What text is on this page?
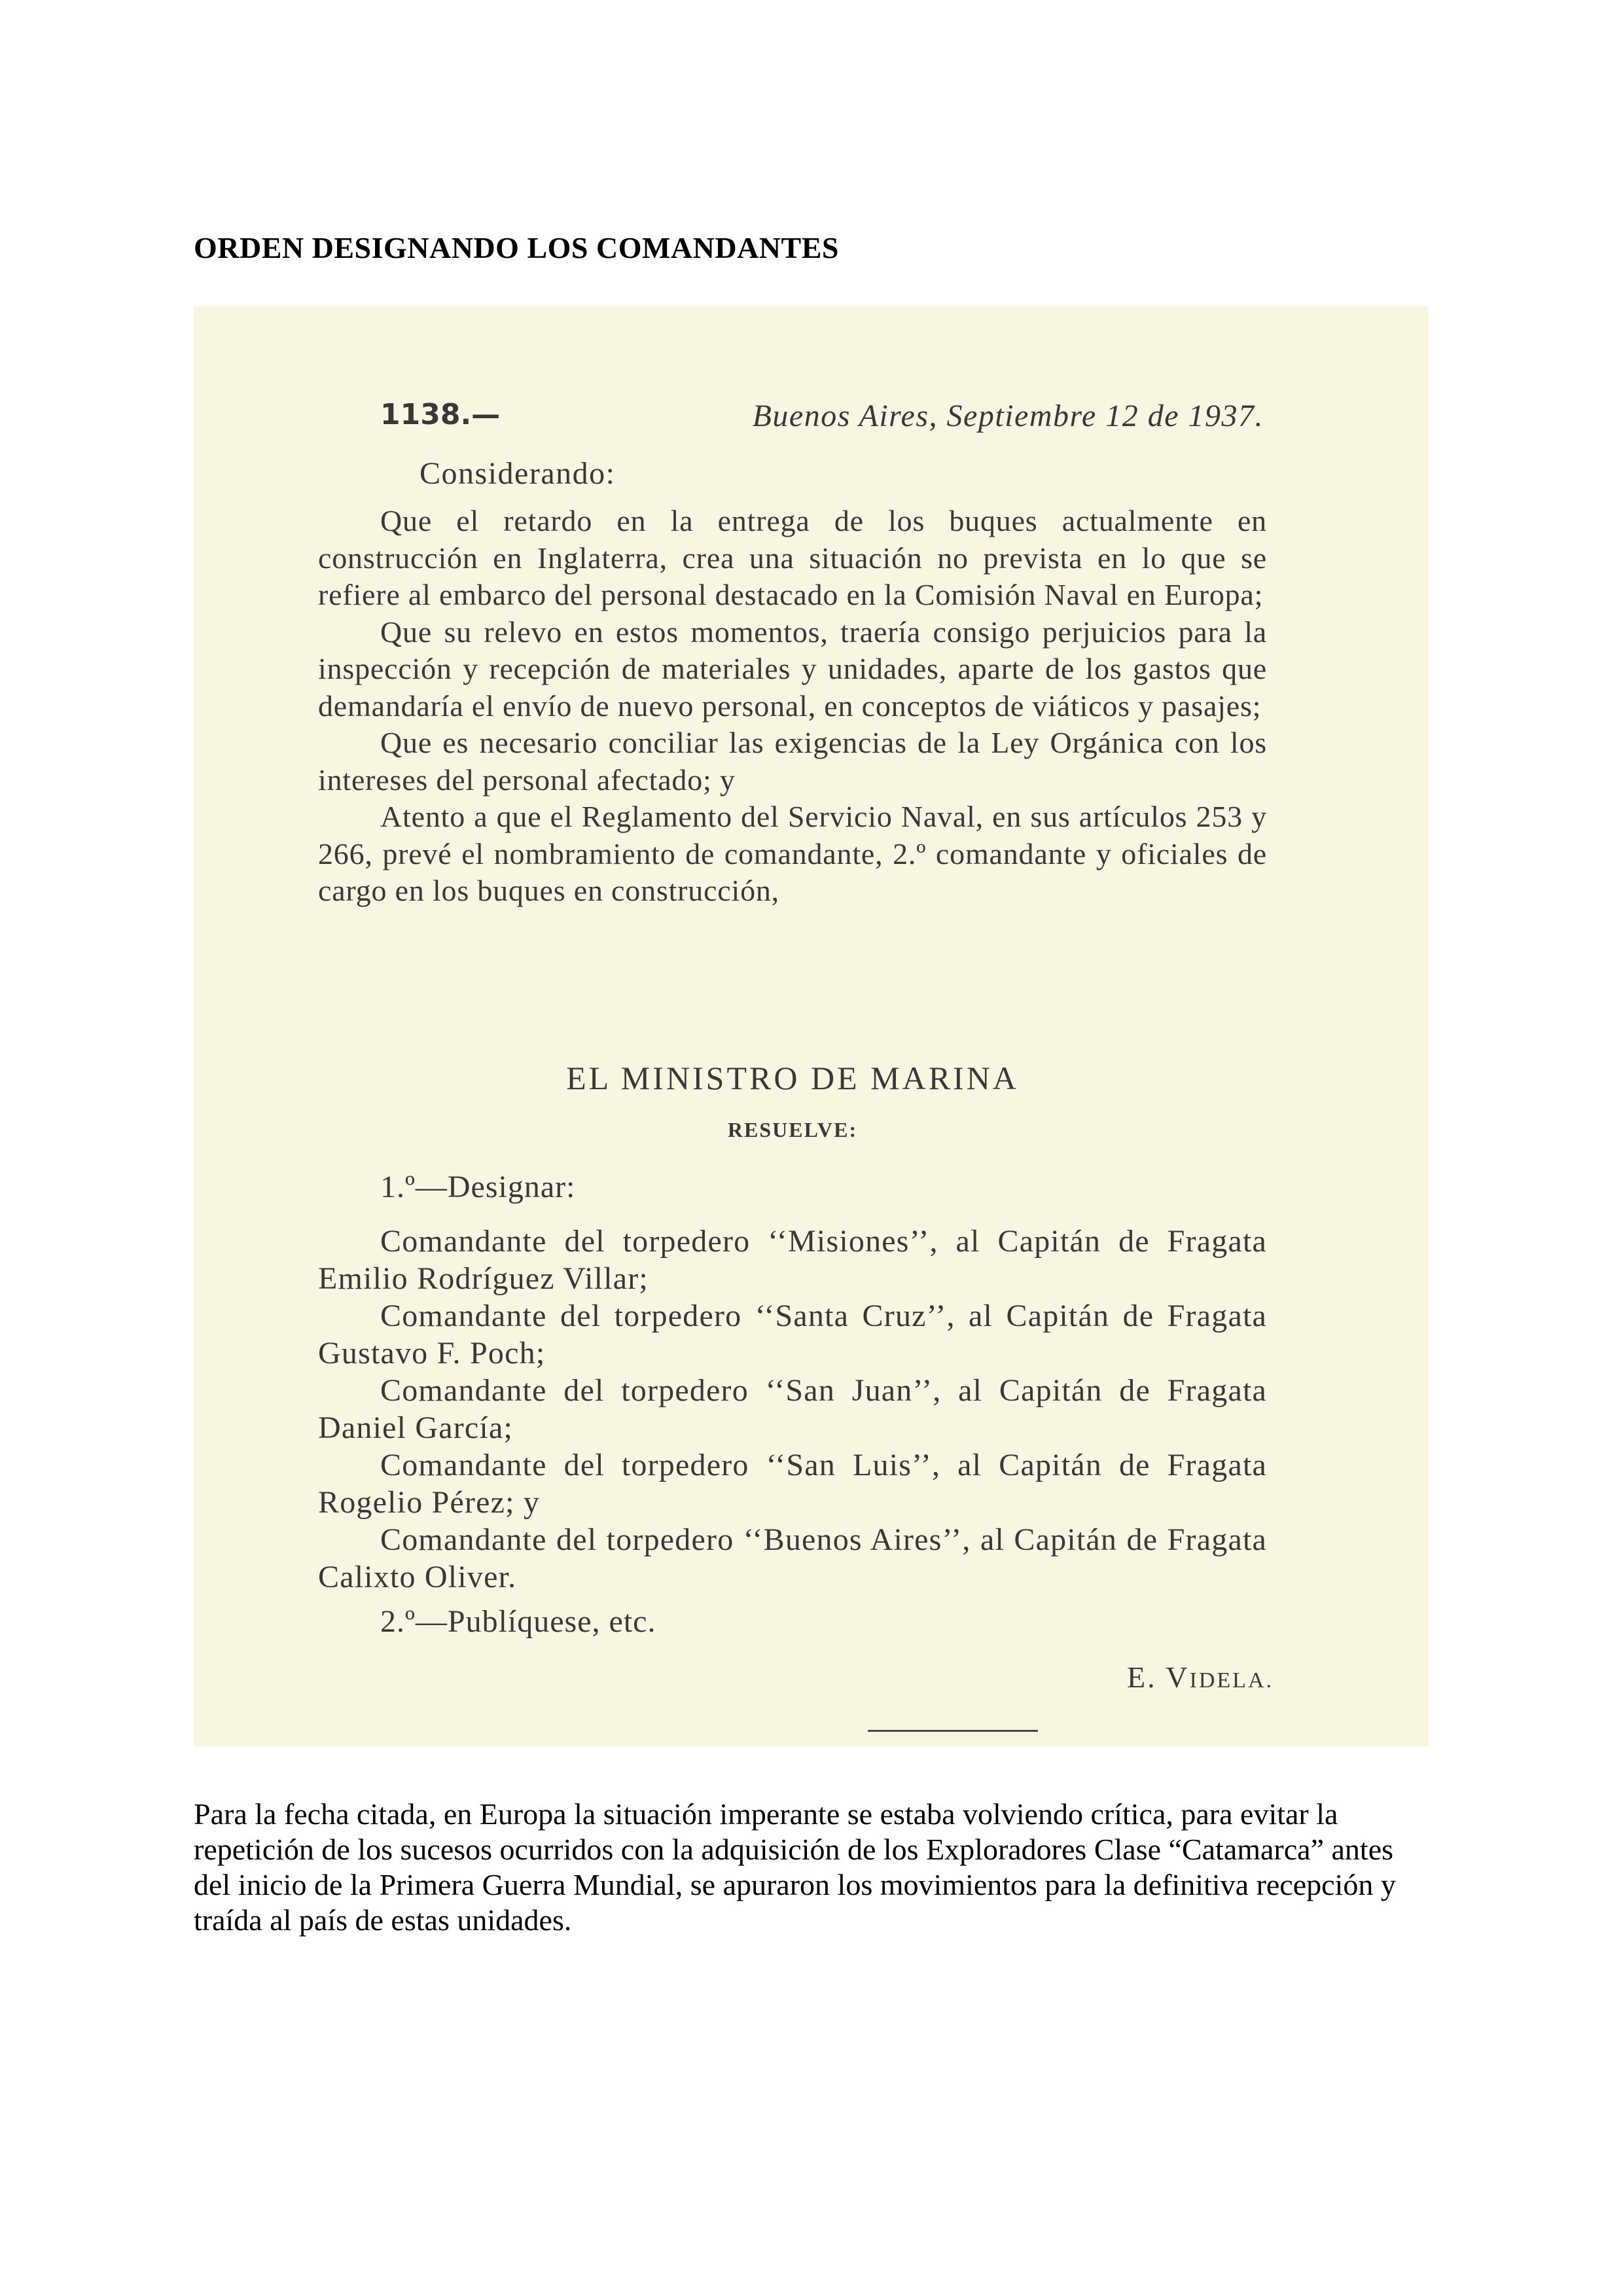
ORDEN DESIGNANDO LOS COMANDANTES
1138.—	Buenos Aires, Septiembre 12 de 1937.
Considerando:

Que el retardo en la entrega de los buques actualmente en construcción en Inglaterra, crea una situación no prevista en lo que se refiere al embarco del personal destacado en la Comisión Naval en Europa;

Que su relevo en estos momentos, traería consigo perjuicios para la inspección y recepción de materiales y unidades, aparte de los gastos que demandaría el envío de nuevo personal, en conceptos de viáticos y pasajes;

Que es necesario conciliar las exigencias de la Ley Orgánica con los intereses del personal afectado; y

Atento a que el Reglamento del Servicio Naval, en sus artículos 253 y 266, prevé el nombramiento de comandante, 2.º comandante y oficiales de cargo en los buques en construcción,

EL MINISTRO DE MARINA
RESUELVE:
1.º—Designar:

Comandante del torpedero ‘‘Misiones’’, al Capitán de Fragata Emilio Rodríguez Villar;

Comandante del torpedero ‘‘Santa Cruz’’, al Capitán de Fragata Gustavo F. Poch;

Comandante del torpedero ‘‘San Juan’’, al Capitán de Fragata Daniel García;

Comandante del torpedero ‘‘San Luis’’, al Capitán de Fragata Rogelio Pérez; y

Comandante del torpedero ‘‘Buenos Aires’’, al Capitán de Fragata Calixto Oliver.

2.º—Publíquese, etc.
E. VIDELA.

Para la fecha citada, en Europa la situación imperante se estaba volviendo crítica, para evitar la repetición de los sucesos ocurridos con la adquisición de los Exploradores Clase “Catamarca” antes del inicio de la Primera Guerra Mundial, se apuraron los movimientos para la definitiva recepción y traída al país de estas unidades.
